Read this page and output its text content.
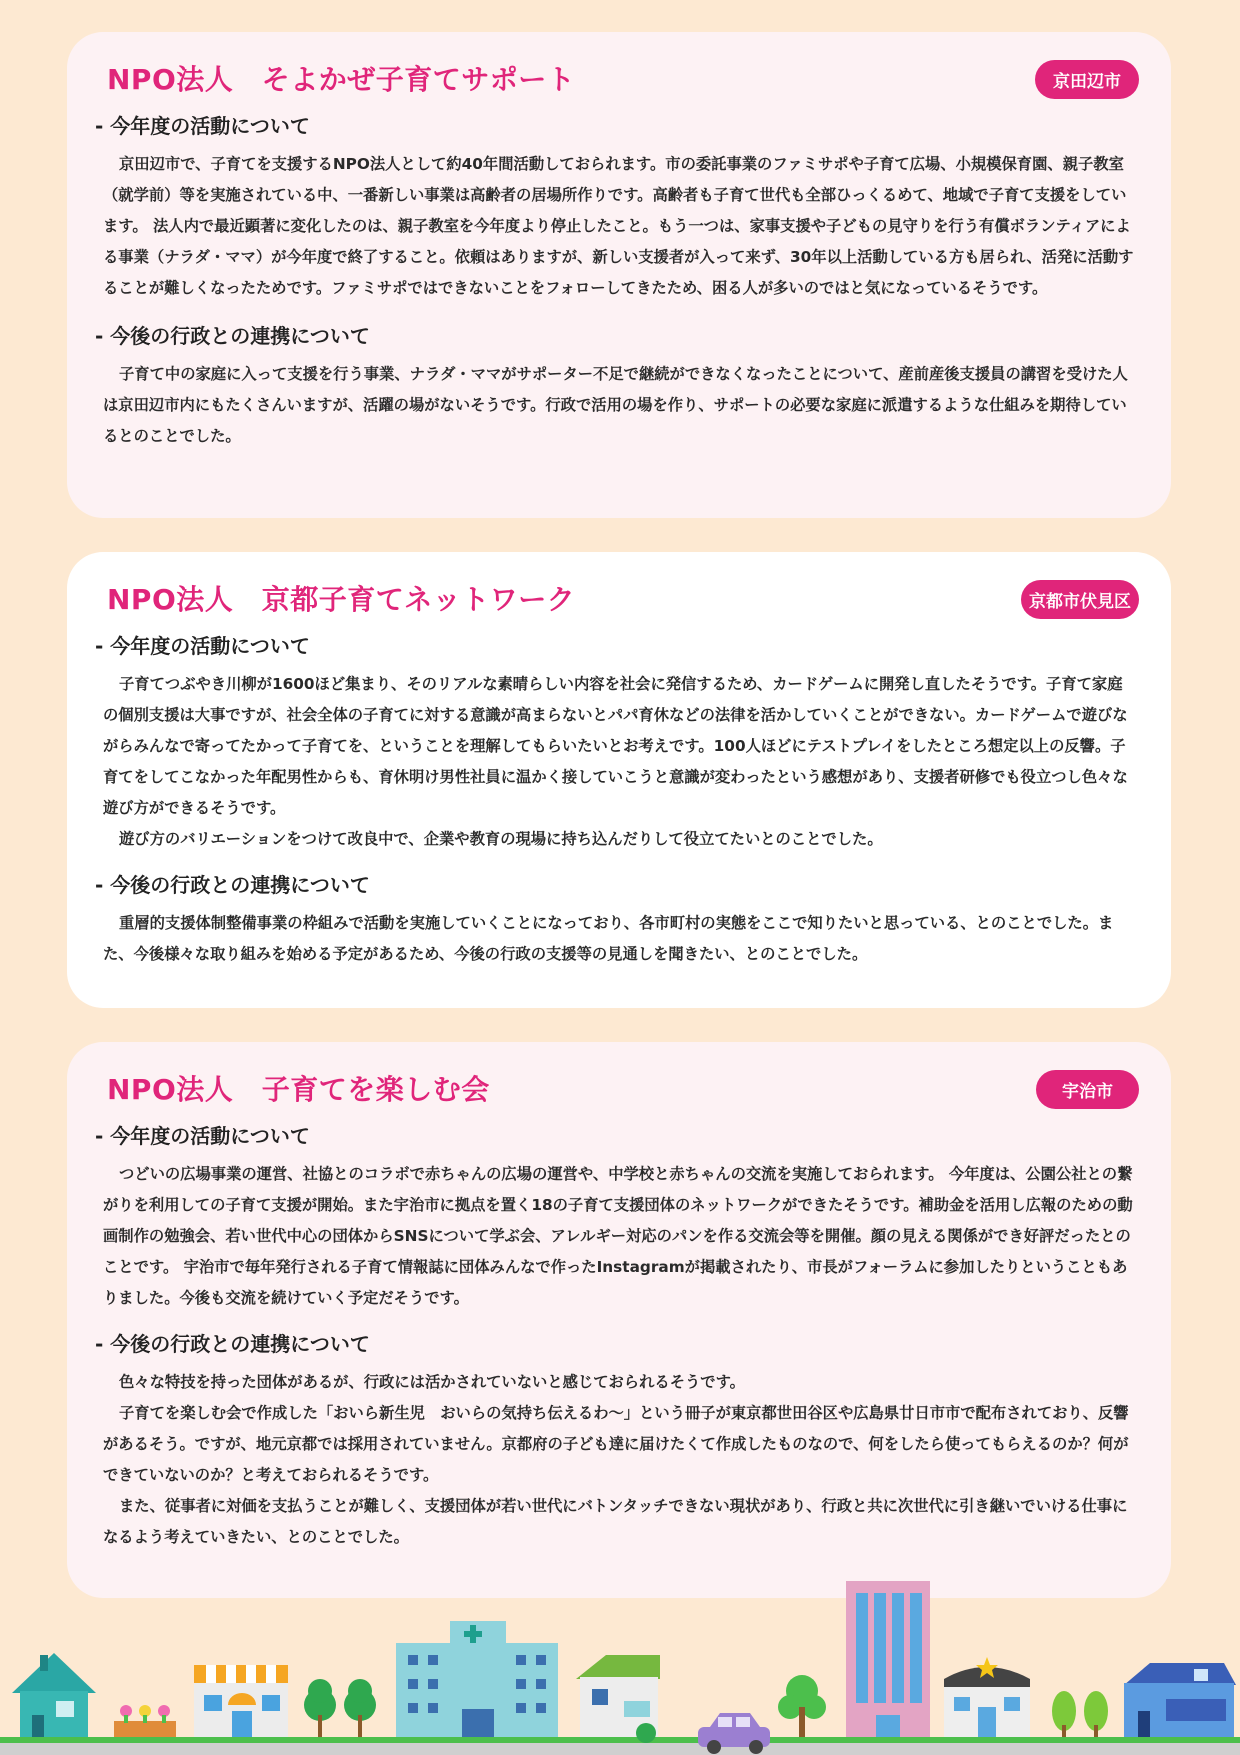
京田辺市
NPO法人　そよかぜ子育てサポート
- 今年度の活動について

京田辺市で、子育てを支援するNPO法人として約40年間活動しておられます。市の委託事業のファミサポや子育て広場、小規模保育園、親子教室（就学前）等を実施されている中、一番新しい事業は高齢者の居場所作りです。高齢者も子育て世代も全部ひっくるめて、地域で子育て支援をしています。 法人内で最近顕著に変化したのは、親子教室を今年度より停止したこと。もう一つは、家事支援や子どもの見守りを行う有償ボランティアによる事業（ナラダ・ママ）が今年度で終了すること。依頼はありますが、新しい支援者が入って来ず、30年以上活動している方も居られ、活発に活動することが難しくなったためです。ファミサポではできないことをフォローしてきたため、困る人が多いのではと気になっているそうです。

- 今後の行政との連携について

子育て中の家庭に入って支援を行う事業、ナラダ・ママがサポーター不足で継続ができなくなったことについて、産前産後支援員の講習を受けた人は京田辺市内にもたくさんいますが、活躍の場がないそうです。行政で活用の場を作り、サポートの必要な家庭に派遣するような仕組みを期待しているとのことでした。

京都市伏見区
NPO法人　京都子育てネットワーク
- 今年度の活動について

子育てつぶやき川柳が1600ほど集まり、そのリアルな素晴らしい内容を社会に発信するため、カードゲームに開発し直したそうです。子育て家庭の個別支援は大事ですが、社会全体の子育てに対する意識が高まらないとパパ育休などの法律を活かしていくことができない。カードゲームで遊びながらみんなで寄ってたかって子育てを、ということを理解してもらいたいとお考えです。100人ほどにテストプレイをしたところ想定以上の反響。子育てをしてこなかった年配男性からも、育休明け男性社員に温かく接していこうと意識が変わったという感想があり、支援者研修でも役立つし色々な遊び方ができるそうです。

遊び方のバリエーションをつけて改良中で、企業や教育の現場に持ち込んだりして役立てたいとのことでした。

- 今後の行政との連携について

重層的支援体制整備事業の枠組みで活動を実施していくことになっており、各市町村の実態をここで知りたいと思っている、とのことでした。また、今後様々な取り組みを始める予定があるため、今後の行政の支援等の見通しを聞きたい、とのことでした。

宇治市
NPO法人　子育てを楽しむ会
- 今年度の活動について

つどいの広場事業の運営、社協とのコラボで赤ちゃんの広場の運営や、中学校と赤ちゃんの交流を実施しておられます。 今年度は、公園公社との繋がりを利用しての子育て支援が開始。また宇治市に拠点を置く18の子育て支援団体のネットワークができたそうです。補助金を活用し広報のための動画制作の勉強会、若い世代中心の団体からSNSについて学ぶ会、アレルギー対応のパンを作る交流会等を開催。顔の見える関係ができ好評だったとのことです。 宇治市で毎年発行される子育て情報誌に団体みんなで作ったInstagramが掲載されたり、市長がフォーラムに参加したりということもありました。今後も交流を続けていく予定だそうです。

- 今後の行政との連携について

色々な特技を持った団体があるが、行政には活かされていないと感じておられるそうです。

子育てを楽しむ会で作成した「おいら新生児　おいらの気持ち伝えるわ〜」という冊子が東京都世田谷区や広島県廿日市市で配布されており、反響があるそう。ですが、地元京都では採用されていません。京都府の子ども達に届けたくて作成したものなので、何をしたら使ってもらえるのか？何ができていないのか？と考えておられるそうです。

また、従事者に対価を支払うことが難しく、支援団体が若い世代にバトンタッチできない現状があり、行政と共に次世代に引き継いでいける仕事になるよう考えていきたい、とのことでした。
